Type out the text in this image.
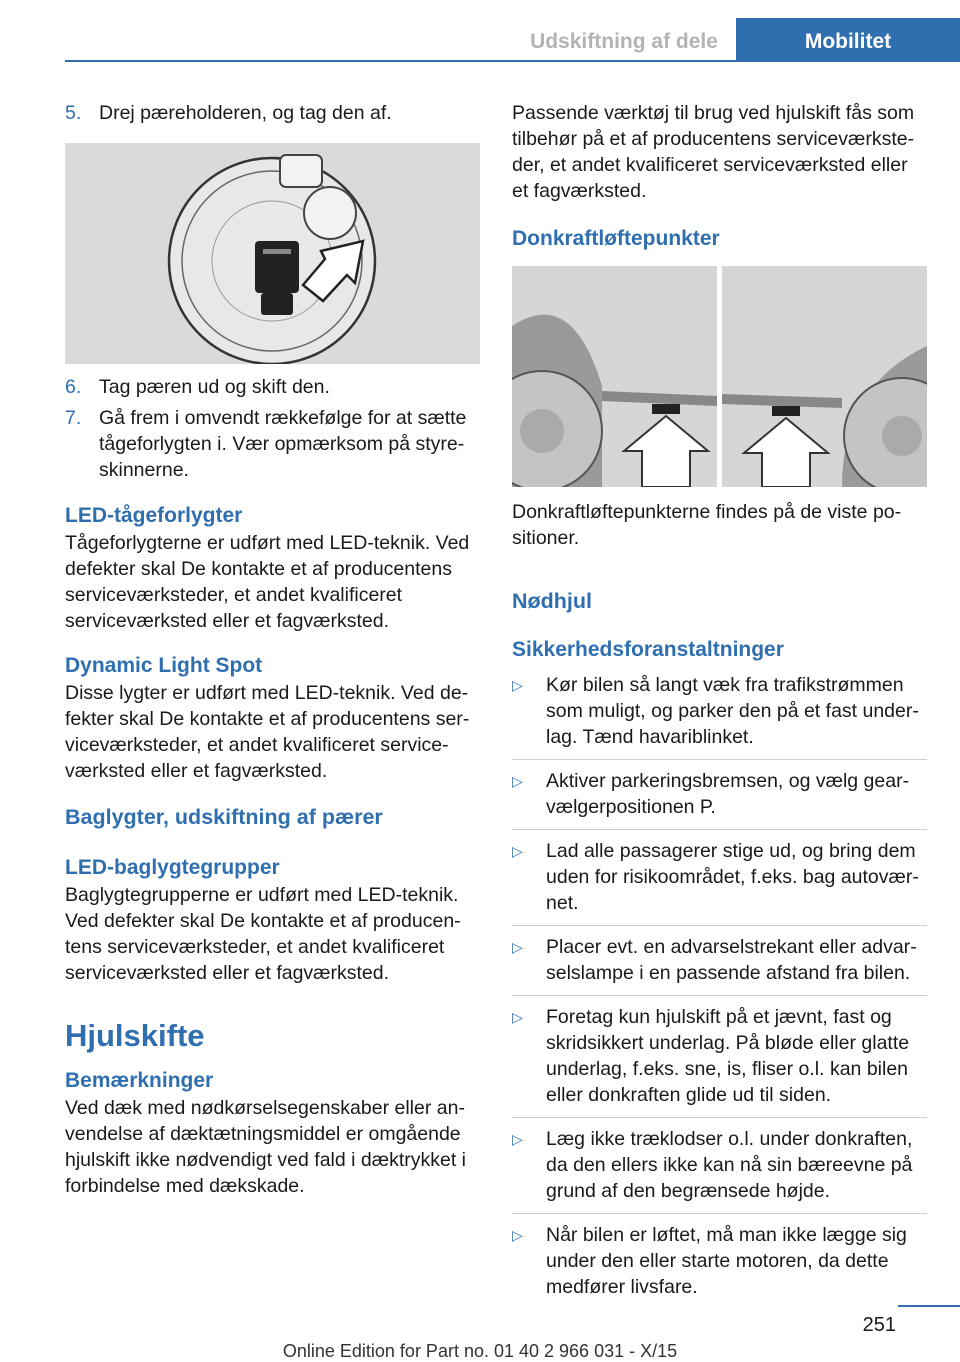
Udskiftning af dele	Mobilitet
5. Drej pæreholderen, og tag den af.
6. Tag pæren ud og skift den.
7. Gå frem i omvendt rækkefølge for at sætte tågeforlygten i. Vær opmærksom på styreskinnerne.
LED-tågeforlygter

Tågeforlygterne er udført med LED-teknik. Ved defekter skal De kontakte et af producentens serviceværksteder, et andet kvalificeret serviceværksted eller et fagværksted.

Dynamic Light Spot

Disse lygter er udført med LED-teknik. Ved defekter skal De kontakte et af producentens serviceværksteder, et andet kvalificeret serviceværksted eller et fagværksted.

Baglygter, udskiftning af pærer
LED-baglygtegrupper

Baglygtegrupperne er udført med LED-teknik. Ved defekter skal De kontakte et af producentens serviceværksteder, et andet kvalificeret serviceværksted eller et fagværksted.

Hjulskifte
Bemærkninger

Ved dæk med nødkørselsegenskaber eller anvendelse af dæktætningsmiddel er omgående hjulskift ikke nødvendigt ved fald i dæktrykket i forbindelse med dækskade.

Passende værktøj til brug ved hjulskift fås som tilbehør på et af producentens serviceværksteder, et andet kvalificeret serviceværksted eller et fagværksted.

Donkraftløftepunkter

Donkraftløftepunkterne findes på de viste positioner.

Nødhjul
Sikkerhedsforanstaltninger
▷	Kør bilen så langt væk fra trafikstrømmen som muligt, og parker den på et fast underlag. Tænd havariblinket.
▷	Aktiver parkeringsbremsen, og vælg gearvælgerpositionen P.
▷	Lad alle passagerer stige ud, og bring dem uden for risikoområdet, f.eks. bag autoværnet.
▷	Placer evt. en advarselstrekant eller advarselslampe i en passende afstand fra bilen.
▷	Foretag kun hjulskift på et jævnt, fast og skridsikkert underlag. På bløde eller glatte underlag, f.eks. sne, is, fliser o.l. kan bilen eller donkraften glide ud til siden.
▷	Læg ikke træklodser o.l. under donkraften, da den ellers ikke kan nå sin bæreevne på grund af den begrænsede højde.
▷	Når bilen er løftet, må man ikke lægge sig under den eller starte motoren, da dette medfører livsfare.
251
Online Edition for Part no. 01 40 2 966 031 - X/15
